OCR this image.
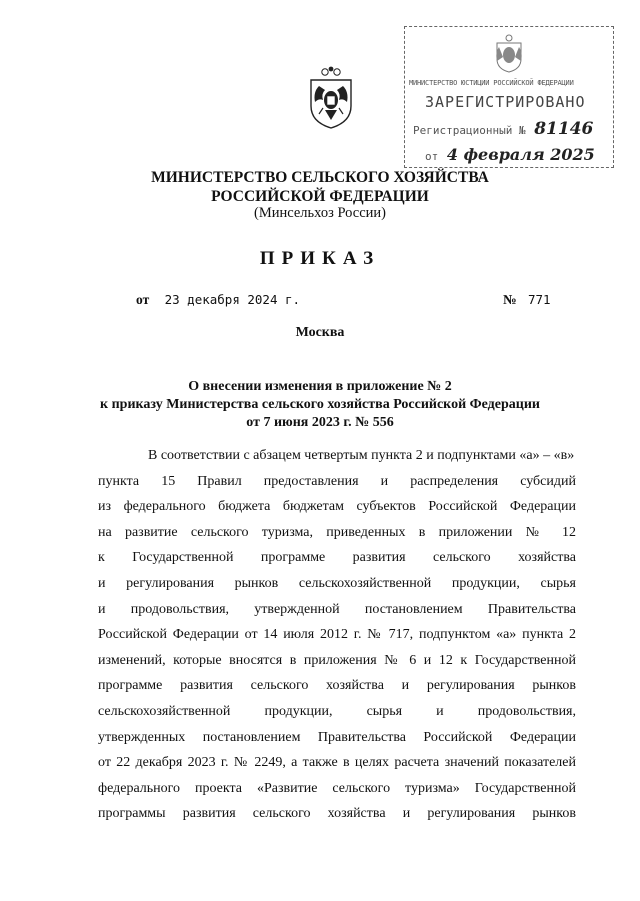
МИНИСТЕРСТВО ЮСТИЦИИ РОССИЙСКОЙ ФЕДЕРАЦИИ
ЗАРЕГИСТРИРОВАНО
Регистрационный № 81146
от 4 февраля 2025
МИНИСТЕРСТВО СЕЛЬСКОГО ХОЗЯЙСТВА
РОССИЙСКОЙ ФЕДЕРАЦИИ
(Минсельхоз России)
ПРИКАЗ
от 23 декабря 2024 г.	№ 771
Москва
О внесении изменения в приложение № 2
к приказу Министерства сельского хозяйства Российской Федерации
от 7 июня 2023 г. № 556
В соответствии с абзацем четвертым пункта 2 и подпунктами «а» – «в»
пункта 15 Правил предоставления и распределения субсидий
из федерального бюджета бюджетам субъектов Российской Федерации
на развитие сельского туризма, приведенных в приложении № 12
к Государственной программе развития сельского хозяйства
и регулирования рынков сельскохозяйственной продукции, сырья
и продовольствия, утвержденной постановлением Правительства
Российской Федерации от 14 июля 2012 г. № 717, подпунктом «а» пункта 2
изменений, которые вносятся в приложения № 6 и 12 к Государственной
программе развития сельского хозяйства и регулирования рынков
сельскохозяйственной продукции, сырья и продовольствия,
утвержденных постановлением Правительства Российской Федерации
от 22 декабря 2023 г. № 2249, а также в целях расчета значений показателей
федерального проекта «Развитие сельского туризма» Государственной
программы развития сельского хозяйства и регулирования рынков
